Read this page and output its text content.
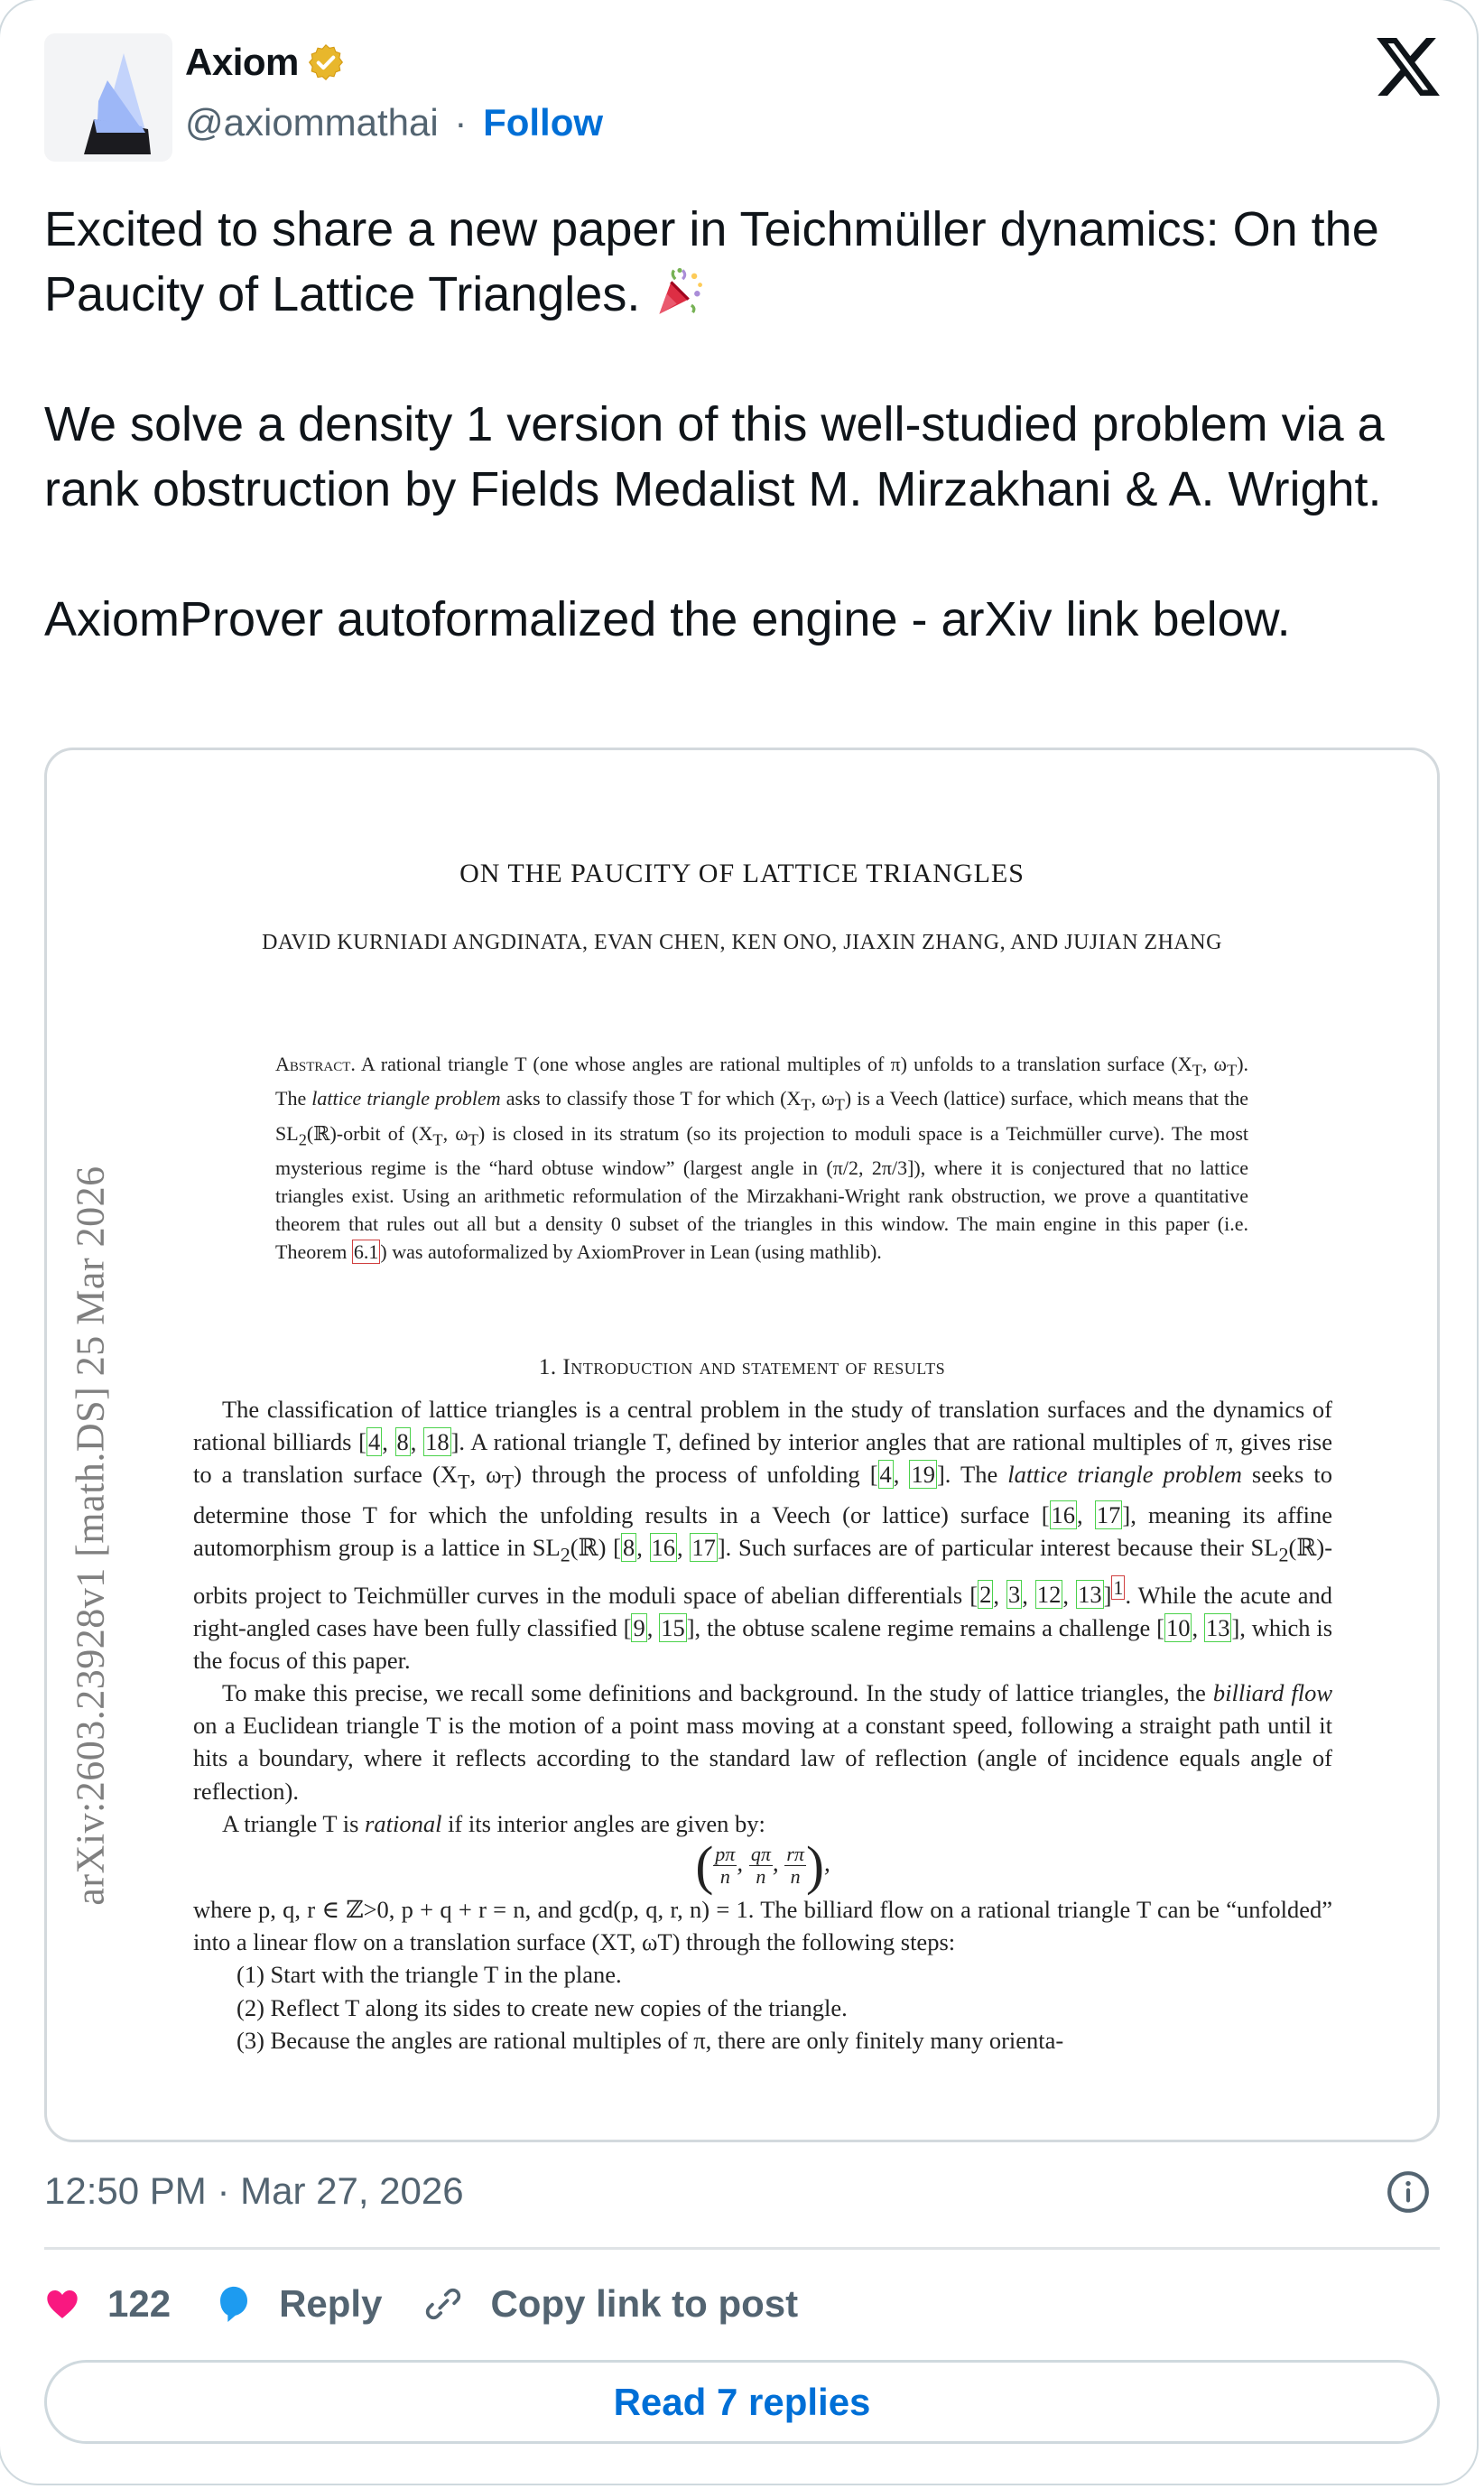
Axiom
@axiommathai · Follow

Excited to share a new paper in Teichmüller dynamics: On the Paucity of Lattice Triangles.

We solve a density 1 version of this well-studied problem via a rank obstruction by Fields Medalist M. Mirzakhani & A. Wright.

AxiomProver autoformalized the engine - arXiv link below.

ON THE PAUCITY OF LATTICE TRIANGLES
DAVID KURNIADI ANGDINATA, EVAN CHEN, KEN ONO, JIAXIN ZHANG, AND JUJIAN ZHANG
arXiv:2603.23928v1 [math.DS] 25 Mar 2026
Abstract. A rational triangle T (one whose angles are rational multiples of π) unfolds to a translation surface ($X_T$, $\omega_T$). The lattice triangle problem asks to classify those T for which ($X_T$, $\omega_T$) is a Veech (lattice) surface, which means that the $SL_2(ℝ)$-orbit of ($X_T$, $\omega_T$) is closed in its stratum (so its projection to moduli space is a Teichmüller curve). The most mysterious regime is the “hard obtuse window” (largest angle in (π/2, 2π/3]), where it is conjectured that no lattice triangles exist. Using an arithmetic reformulation of the Mirzakhani-Wright rank obstruction, we prove a quantitative theorem that rules out all but a density 0 subset of the triangles in this window. The main engine in this paper (i.e. Theorem 6.1) was autoformalized by AxiomProver in Lean (using mathlib).
1. Introduction and statement of results

The classification of lattice triangles is a central problem in the study of translation surfaces and the dynamics of rational billiards [4, 8, 18]. A rational triangle T, defined by interior angles that are rational multiples of π, gives rise to a translation surface ($X_T$, $\omega_T$) through the process of unfolding [4, 19]. The lattice triangle problem seeks to determine those T for which the unfolding results in a Veech (or lattice) surface [16, 17], meaning its affine automorphism group is a lattice in $SL_2(ℝ)$ [8, 16, 17]. Such surfaces are of particular interest because their $SL_2(ℝ)$-orbits project to Teichmüller curves in the moduli space of abelian differentials [2, 3, 12, 13]$^1$. While the acute and right-angled cases have been fully classified [9, 15], the obtuse scalene regime remains a challenge [10, 13], which is the focus of this paper.

To make this precise, we recall some definitions and background. In the study of lattice triangles, the billiard flow on a Euclidean triangle T is the motion of a point mass moving at a constant speed, following a straight path until it hits a boundary, where it reflects according to the standard law of reflection (angle of incidence equals angle of reflection).

A triangle T is rational if its interior angles are given by:

( $\frac{p\pi}{n}$ , $\frac{q\pi}{n}$ , $\frac{r\pi}{n}$ ),

where p, q, r ∈ ℤ>0, p + q + r = n, and gcd(p, q, r, n) = 1. The billiard flow on a rational triangle T can be “unfolded” into a linear flow on a translation surface (XT, ωT) through the following steps:

(1) Start with the triangle T in the plane.
(2) Reflect T along its sides to create new copies of the triangle.
(3) Because the angles are rational multiples of π, there are only finitely many orienta-
12:50 PM · Mar 27, 2026
122	Reply	Copy link to post
Read 7 replies
